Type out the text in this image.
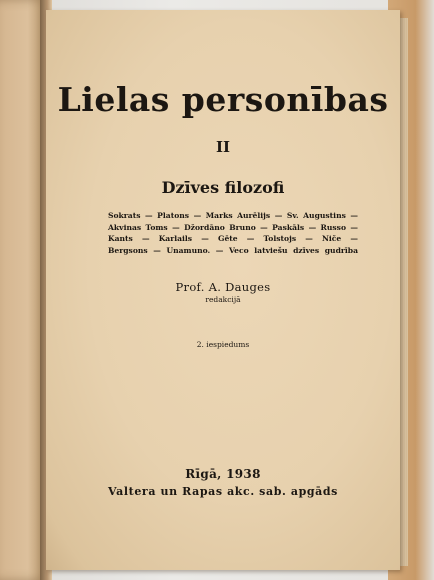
Lielas personības
II
Dzīves filozofi
Sokrats — Platons — Marks Aurēlijs — Sv. Augustins —
Akvinas Toms — Džordāno Bruno — Paskāls — Russo —
Kants — Karlails — Gēte — Tolstojs — Niče —
Bergsons — Unamuno. — Veco latviešu dzīves gudrība
Prof. A. Dauges
redakcijā
2. iespiedums
Rīgā, 1938
Valtera un Rapas akc. sab. apgāds
